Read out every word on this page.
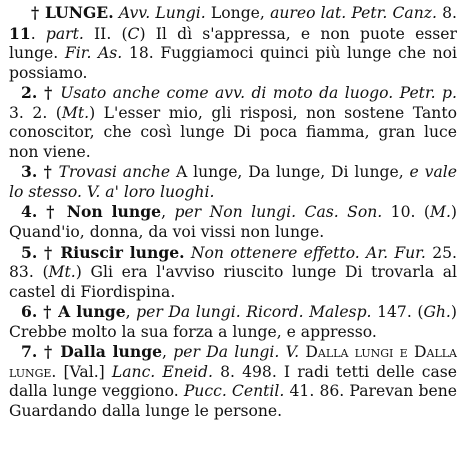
† LUNGE. Avv. Lungi. Longe, aureo lat. Petr. Canz. 8. 11. part. II. (C) Il dì s'appressa, e non puote esser lunge. Fir. As. 18. Fuggiamoci quinci più lunge che noi possiamo.
2. † Usato anche come avv. di moto da luogo. Petr. p. 3. 2. (Mt.) L'esser mio, gli risposi, non sostene Tanto conoscitor, che così lunge Di poca fiamma, gran luce non viene.
3. † Trovasi anche A lunge, Da lunge, Di lunge, e vale lo stesso. V. a' loro luoghi.
4. † Non lunge, per Non lungi. Cas. Son. 10. (M.) Quand'io, donna, da voi vissi non lunge.
5. † Riuscir lunge. Non ottenere effetto. Ar. Fur. 25. 83. (Mt.) Gli era l'avviso riuscito lunge Di trovarla al castel di Fiordispina.
6. † A lunge, per Da lungi. Ricord. Malesp. 147. (Gh.) Crebbe molto la sua forza a lunge, e appresso.
7. † Dalla lunge, per Da lungi. V. Dalla lungi e Dalla lunge. [Val.] Lanc. Eneid. 8. 498. I radi tetti delle case dalla lunge veggiono. Pucc. Centil. 41. 86. Parevan bene Guardando dalla lunge le persone.
